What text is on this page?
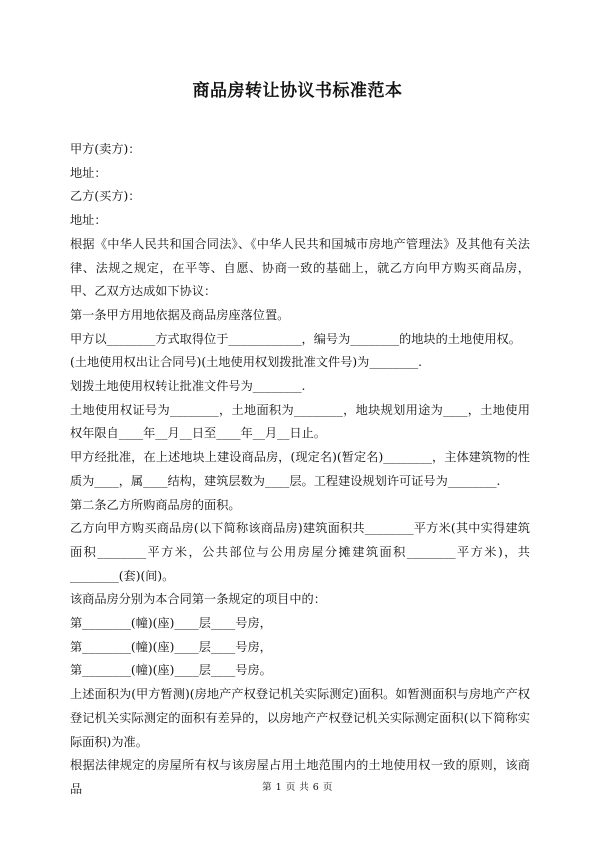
商品房转让协议书标准范本

甲方(卖方)：

地址：

乙方(买方)：

地址：

根据《中华人民共和国合同法》、《中华人民共和国城市房地产管理法》及其他有关法律、法规之规定，在平等、自愿、协商一致的基础上，就乙方向甲方购买商品房，甲、乙双方达成如下协议：

第一条甲方用地依据及商品房座落位置。

甲方以________方式取得位于____________，编号为________的地块的土地使用权。

(土地使用权出让合同号)(土地使用权划拨批准文件号)为________.

划拨土地使用权转让批准文件号为________.

土地使用权证号为________，土地面积为________，地块规划用途为____，土地使用权年限自____年__月__日至____年__月__日止。

甲方经批准，在上述地块上建设商品房，(现定名)(暂定名)________，主体建筑物的性质为____，属____结构，建筑层数为____层。工程建设规划许可证号为________.

第二条乙方所购商品房的面积。

乙方向甲方购买商品房(以下简称该商品房)建筑面积共________平方米(其中实得建筑面积________平方米，公共部位与公用房屋分摊建筑面积________平方米)，共________(套)(间)。

该商品房分别为本合同第一条规定的项目中的：

第________(幢)(座)____层____号房，

第________(幢)(座)____层____号房，

第________(幢)(座)____层____号房。

上述面积为(甲方暂测)(房地产产权登记机关实际测定)面积。如暂测面积与房地产产权登记机关实际测定的面积有差异的，以房地产产权登记机关实际测定面积(以下简称实际面积)为准。

根据法律规定的房屋所有权与该房屋占用土地范围内的土地使用权一致的原则，该商品	第 1 页 共 6 页
